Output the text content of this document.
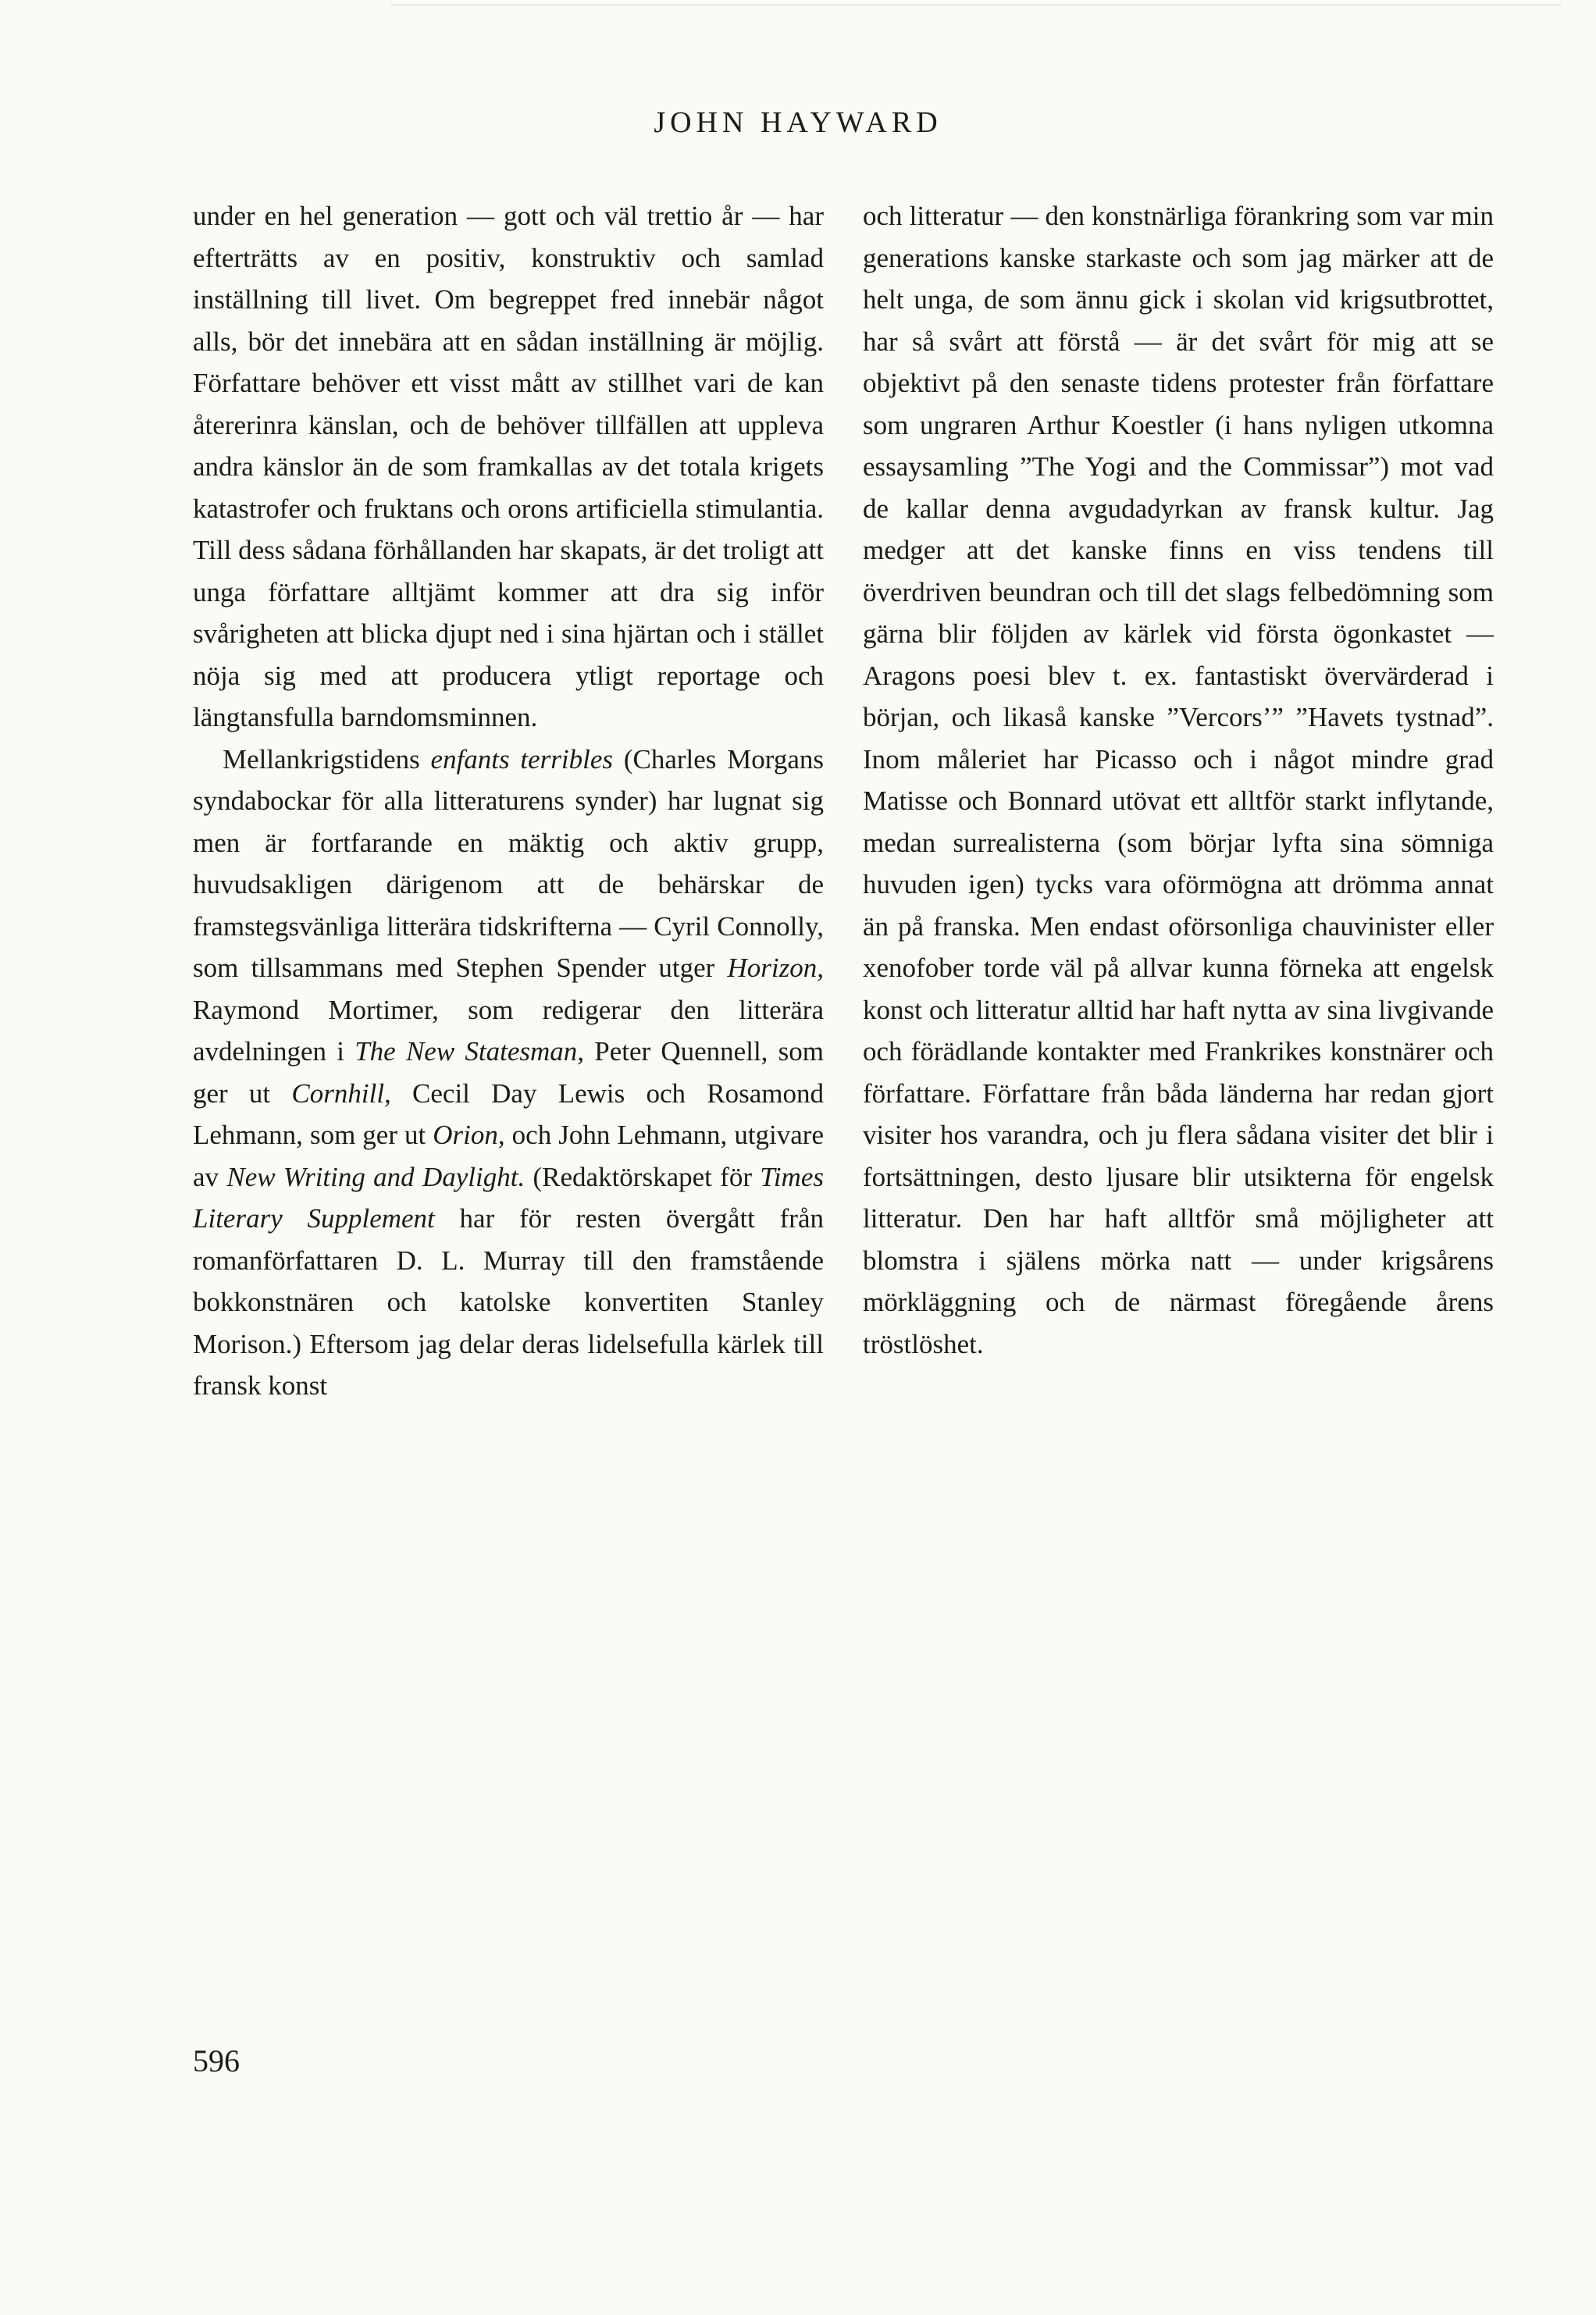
JOHN HAYWARD

under en hel generation — gott och väl trettio år — har efterträtts av en positiv, konstruktiv och samlad inställning till livet. Om begreppet fred innebär något alls, bör det innebära att en sådan inställning är möjlig. Författare behöver ett visst mått av stillhet vari de kan återerinra känslan, och de behöver tillfällen att uppleva andra känslor än de som framkallas av det totala krigets katastrofer och fruktans och orons artificiella stimulantia. Till dess sådana förhållanden har skapats, är det troligt att unga författare alltjämt kommer att dra sig inför svårigheten att blicka djupt ned i sina hjärtan och i stället nöja sig med att producera ytligt reportage och längtansfulla barndomsminnen.

Mellankrigstidens enfants terribles (Charles Morgans syndabockar för alla litteraturens synder) har lugnat sig men är fortfarande en mäktig och aktiv grupp, huvudsakligen därigenom att de behärskar de framstegsvänliga litterära tidskrifterna — Cyril Connolly, som tillsammans med Stephen Spender utger Horizon, Raymond Mortimer, som redigerar den litterära avdelningen i The New Statesman, Peter Quennell, som ger ut Cornhill, Cecil Day Lewis och Rosamond Lehmann, som ger ut Orion, och John Lehmann, utgivare av New Writing and Daylight. (Redaktörskapet för Times Literary Supplement har för resten övergått från romanförfattaren D. L. Murray till den framstående bokkonstnären och katolske konvertiten Stanley Morison.) Eftersom jag delar deras lidelsefulla kärlek till fransk konst

och litteratur — den konstnärliga förankring som var min generations kanske starkaste och som jag märker att de helt unga, de som ännu gick i skolan vid krigsutbrottet, har så svårt att förstå — är det svårt för mig att se objektivt på den senaste tidens protester från författare som ungraren Arthur Koestler (i hans nyligen utkomna essaysamling ”The Yogi and the Commissar”) mot vad de kallar denna avgudadyrkan av fransk kultur. Jag medger att det kanske finns en viss tendens till överdriven beundran och till det slags felbedömning som gärna blir följden av kärlek vid första ögonkastet — Aragons poesi blev t. ex. fantastiskt övervärderad i början, och likaså kanske ”Vercors’” ”Havets tystnad”. Inom måleriet har Picasso och i något mindre grad Matisse och Bonnard utövat ett alltför starkt inflytande, medan surrealisterna (som börjar lyfta sina sömniga huvuden igen) tycks vara oförmögna att drömma annat än på franska. Men endast oförsonliga chauvinister eller xenofober torde väl på allvar kunna förneka att engelsk konst och litteratur alltid har haft nytta av sina livgivande och förädlande kontakter med Frankrikes konstnärer och författare. Författare från båda länderna har redan gjort visiter hos varandra, och ju flera sådana visiter det blir i fortsättningen, desto ljusare blir utsikterna för engelsk litteratur. Den har haft alltför små möjligheter att blomstra i själens mörka natt — under krigsårens mörkläggning och de närmast föregående årens tröstlöshet.

596
